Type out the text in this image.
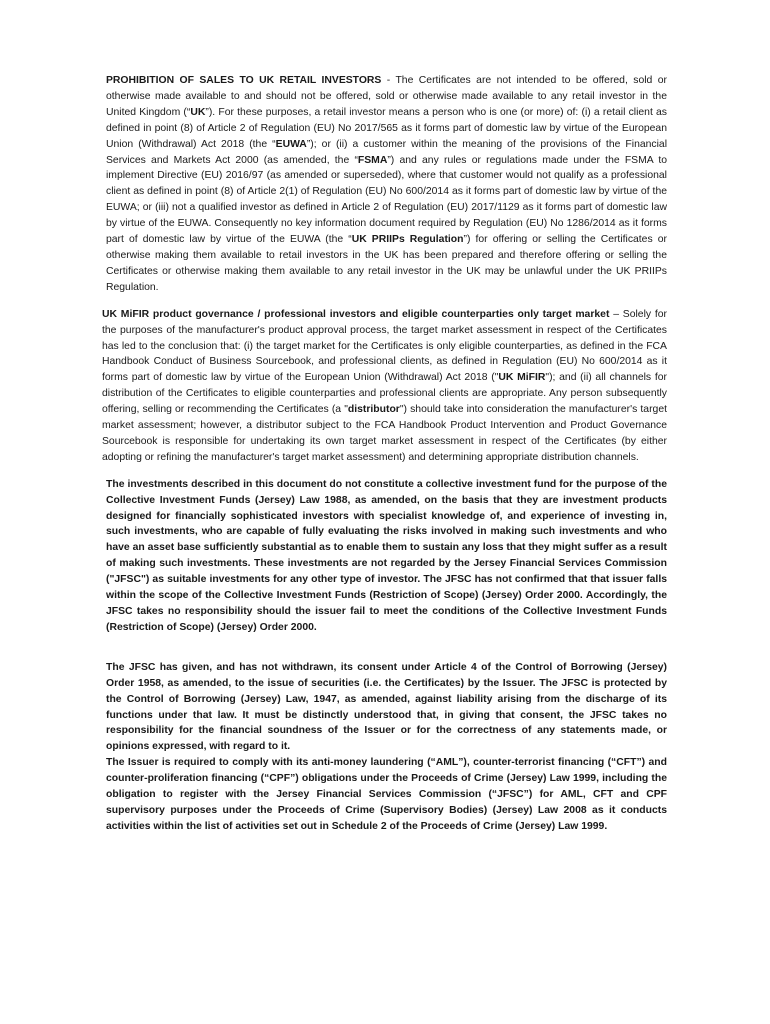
PROHIBITION OF SALES TO UK RETAIL INVESTORS - The Certificates are not intended to be offered, sold or otherwise made available to and should not be offered, sold or otherwise made available to any retail investor in the United Kingdom (“UK”). For these purposes, a retail investor means a person who is one (or more) of: (i) a retail client as defined in point (8) of Article 2 of Regulation (EU) No 2017/565 as it forms part of domestic law by virtue of the European Union (Withdrawal) Act 2018 (the “EUWA”); or (ii) a customer within the meaning of the provisions of the Financial Services and Markets Act 2000 (as amended, the “FSMA”) and any rules or regulations made under the FSMA to implement Directive (EU) 2016/97 (as amended or superseded), where that customer would not qualify as a professional client as defined in point (8) of Article 2(1) of Regulation (EU) No 600/2014 as it forms part of domestic law by virtue of the EUWA; or (iii) not a qualified investor as defined in Article 2 of Regulation (EU) 2017/1129 as it forms part of domestic law by virtue of the EUWA. Consequently no key information document required by Regulation (EU) No 1286/2014 as it forms part of domestic law by virtue of the EUWA (the “UK PRIIPs Regulation”) for offering or selling the Certificates or otherwise making them available to retail investors in the UK has been prepared and therefore offering or selling the Certificates or otherwise making them available to any retail investor in the UK may be unlawful under the UK PRIIPs Regulation.

UK MiFIR product governance / professional investors and eligible counterparties only target market – Solely for the purposes of the manufacturer's product approval process, the target market assessment in respect of the Certificates has led to the conclusion that: (i) the target market for the Certificates is only eligible counterparties, as defined in the FCA Handbook Conduct of Business Sourcebook, and professional clients, as defined in Regulation (EU) No 600/2014 as it forms part of domestic law by virtue of the European Union (Withdrawal) Act 2018 ("UK MiFIR"); and (ii) all channels for distribution of the Certificates to eligible counterparties and professional clients are appropriate. Any person subsequently offering, selling or recommending the Certificates (a "distributor") should take into consideration the manufacturer's target market assessment; however, a distributor subject to the FCA Handbook Product Intervention and Product Governance Sourcebook is responsible for undertaking its own target market assessment in respect of the Certificates (by either adopting or refining the manufacturer's target market assessment) and determining appropriate distribution channels.

The investments described in this document do not constitute a collective investment fund for the purpose of the Collective Investment Funds (Jersey) Law 1988, as amended, on the basis that they are investment products designed for financially sophisticated investors with specialist knowledge of, and experience of investing in, such investments, who are capable of fully evaluating the risks involved in making such investments and who have an asset base sufficiently substantial as to enable them to sustain any loss that they might suffer as a result of making such investments. These investments are not regarded by the Jersey Financial Services Commission ("JFSC") as suitable investments for any other type of investor. The JFSC has not confirmed that that issuer falls within the scope of the Collective Investment Funds (Restriction of Scope) (Jersey) Order 2000. Accordingly, the JFSC takes no responsibility should the issuer fail to meet the conditions of the Collective Investment Funds (Restriction of Scope) (Jersey) Order 2000.

The JFSC has given, and has not withdrawn, its consent under Article 4 of the Control of Borrowing (Jersey) Order 1958, as amended, to the issue of securities (i.e. the Certificates) by the Issuer. The JFSC is protected by the Control of Borrowing (Jersey) Law, 1947, as amended, against liability arising from the discharge of its functions under that law. It must be distinctly understood that, in giving that consent, the JFSC takes no responsibility for the financial soundness of the Issuer or for the correctness of any statements made, or opinions expressed, with regard to it.

The Issuer is required to comply with its anti-money laundering (“AML”), counter-terrorist financing (“CFT”) and counter-proliferation financing (“CPF”) obligations under the Proceeds of Crime (Jersey) Law 1999, including the obligation to register with the Jersey Financial Services Commission (“JFSC”) for AML, CFT and CPF supervisory purposes under the Proceeds of Crime (Supervisory Bodies) (Jersey) Law 2008 as it conducts activities within the list of activities set out in Schedule 2 of the Proceeds of Crime (Jersey) Law 1999.
